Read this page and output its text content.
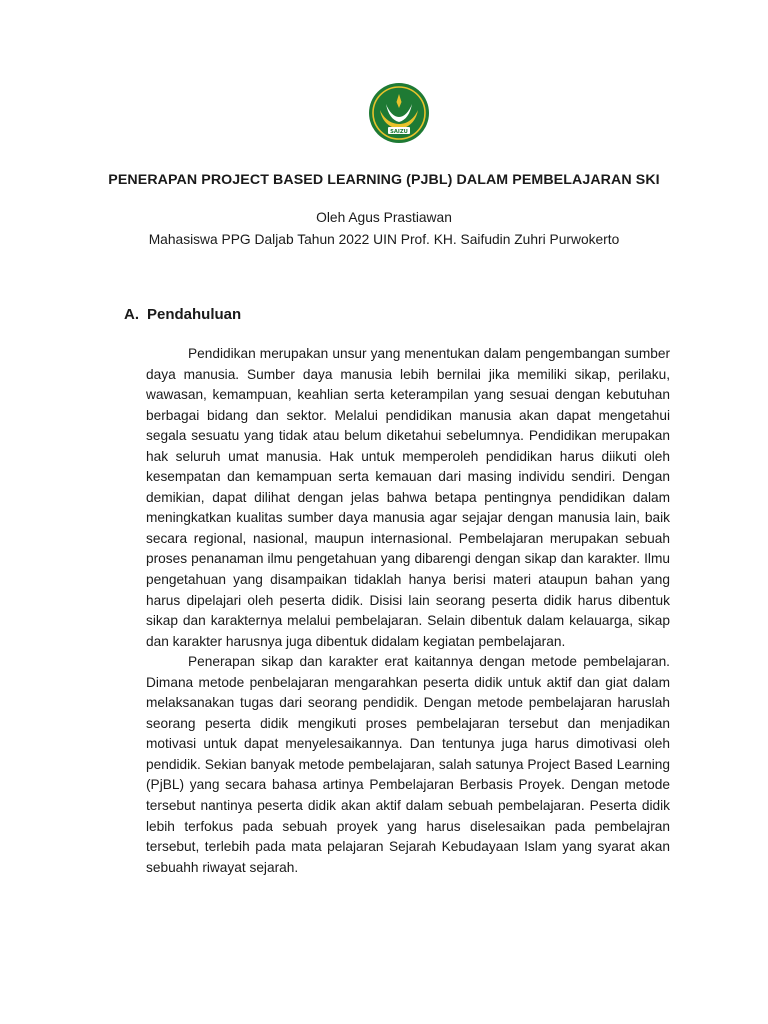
SAIZU
PENERAPAN PROJECT BASED LEARNING (PJBL) DALAM PEMBELAJARAN SKI
Oleh Agus Prastiawan
Mahasiswa PPG Daljab Tahun 2022 UIN Prof. KH. Saifudin Zuhri Purwokerto
A. Pendahuluan

Pendidikan merupakan unsur yang menentukan dalam pengembangan sumber daya manusia. Sumber daya manusia lebih bernilai jika memiliki sikap, perilaku, wawasan, kemampuan, keahlian serta keterampilan yang sesuai dengan kebutuhan berbagai bidang dan sektor. Melalui pendidikan manusia akan dapat mengetahui segala sesuatu yang tidak atau belum diketahui sebelumnya. Pendidikan merupakan hak seluruh umat manusia. Hak untuk memperoleh pendidikan harus diikuti oleh kesempatan dan kemampuan serta kemauan dari masing individu sendiri. Dengan demikian, dapat dilihat dengan jelas bahwa betapa pentingnya pendidikan dalam meningkatkan kualitas sumber daya manusia agar sejajar dengan manusia lain, baik secara regional, nasional, maupun internasional. Pembelajaran merupakan sebuah proses penanaman ilmu pengetahuan yang dibarengi dengan sikap dan karakter. Ilmu pengetahuan yang disampaikan tidaklah hanya berisi materi ataupun bahan yang harus dipelajari oleh peserta didik. Disisi lain seorang peserta didik harus dibentuk sikap dan karakternya melalui pembelajaran. Selain dibentuk dalam kelauarga, sikap dan karakter harusnya juga dibentuk didalam kegiatan pembelajaran.

Penerapan sikap dan karakter erat kaitannya dengan metode pembelajaran. Dimana metode penbelajaran mengarahkan peserta didik untuk aktif dan giat dalam melaksanakan tugas dari seorang pendidik. Dengan metode pembelajaran haruslah seorang peserta didik mengikuti proses pembelajaran tersebut dan menjadikan motivasi untuk dapat menyelesaikannya. Dan tentunya juga harus dimotivasi oleh pendidik. Sekian banyak metode pembelajaran, salah satunya Project Based Learning (PjBL) yang secara bahasa artinya Pembelajaran Berbasis Proyek. Dengan metode tersebut nantinya peserta didik akan aktif dalam sebuah pembelajaran. Peserta didik lebih terfokus pada sebuah proyek yang harus diselesaikan pada pembelajran tersebut, terlebih pada mata pelajaran Sejarah Kebudayaan Islam yang syarat akan sebuahh riwayat sejarah.
